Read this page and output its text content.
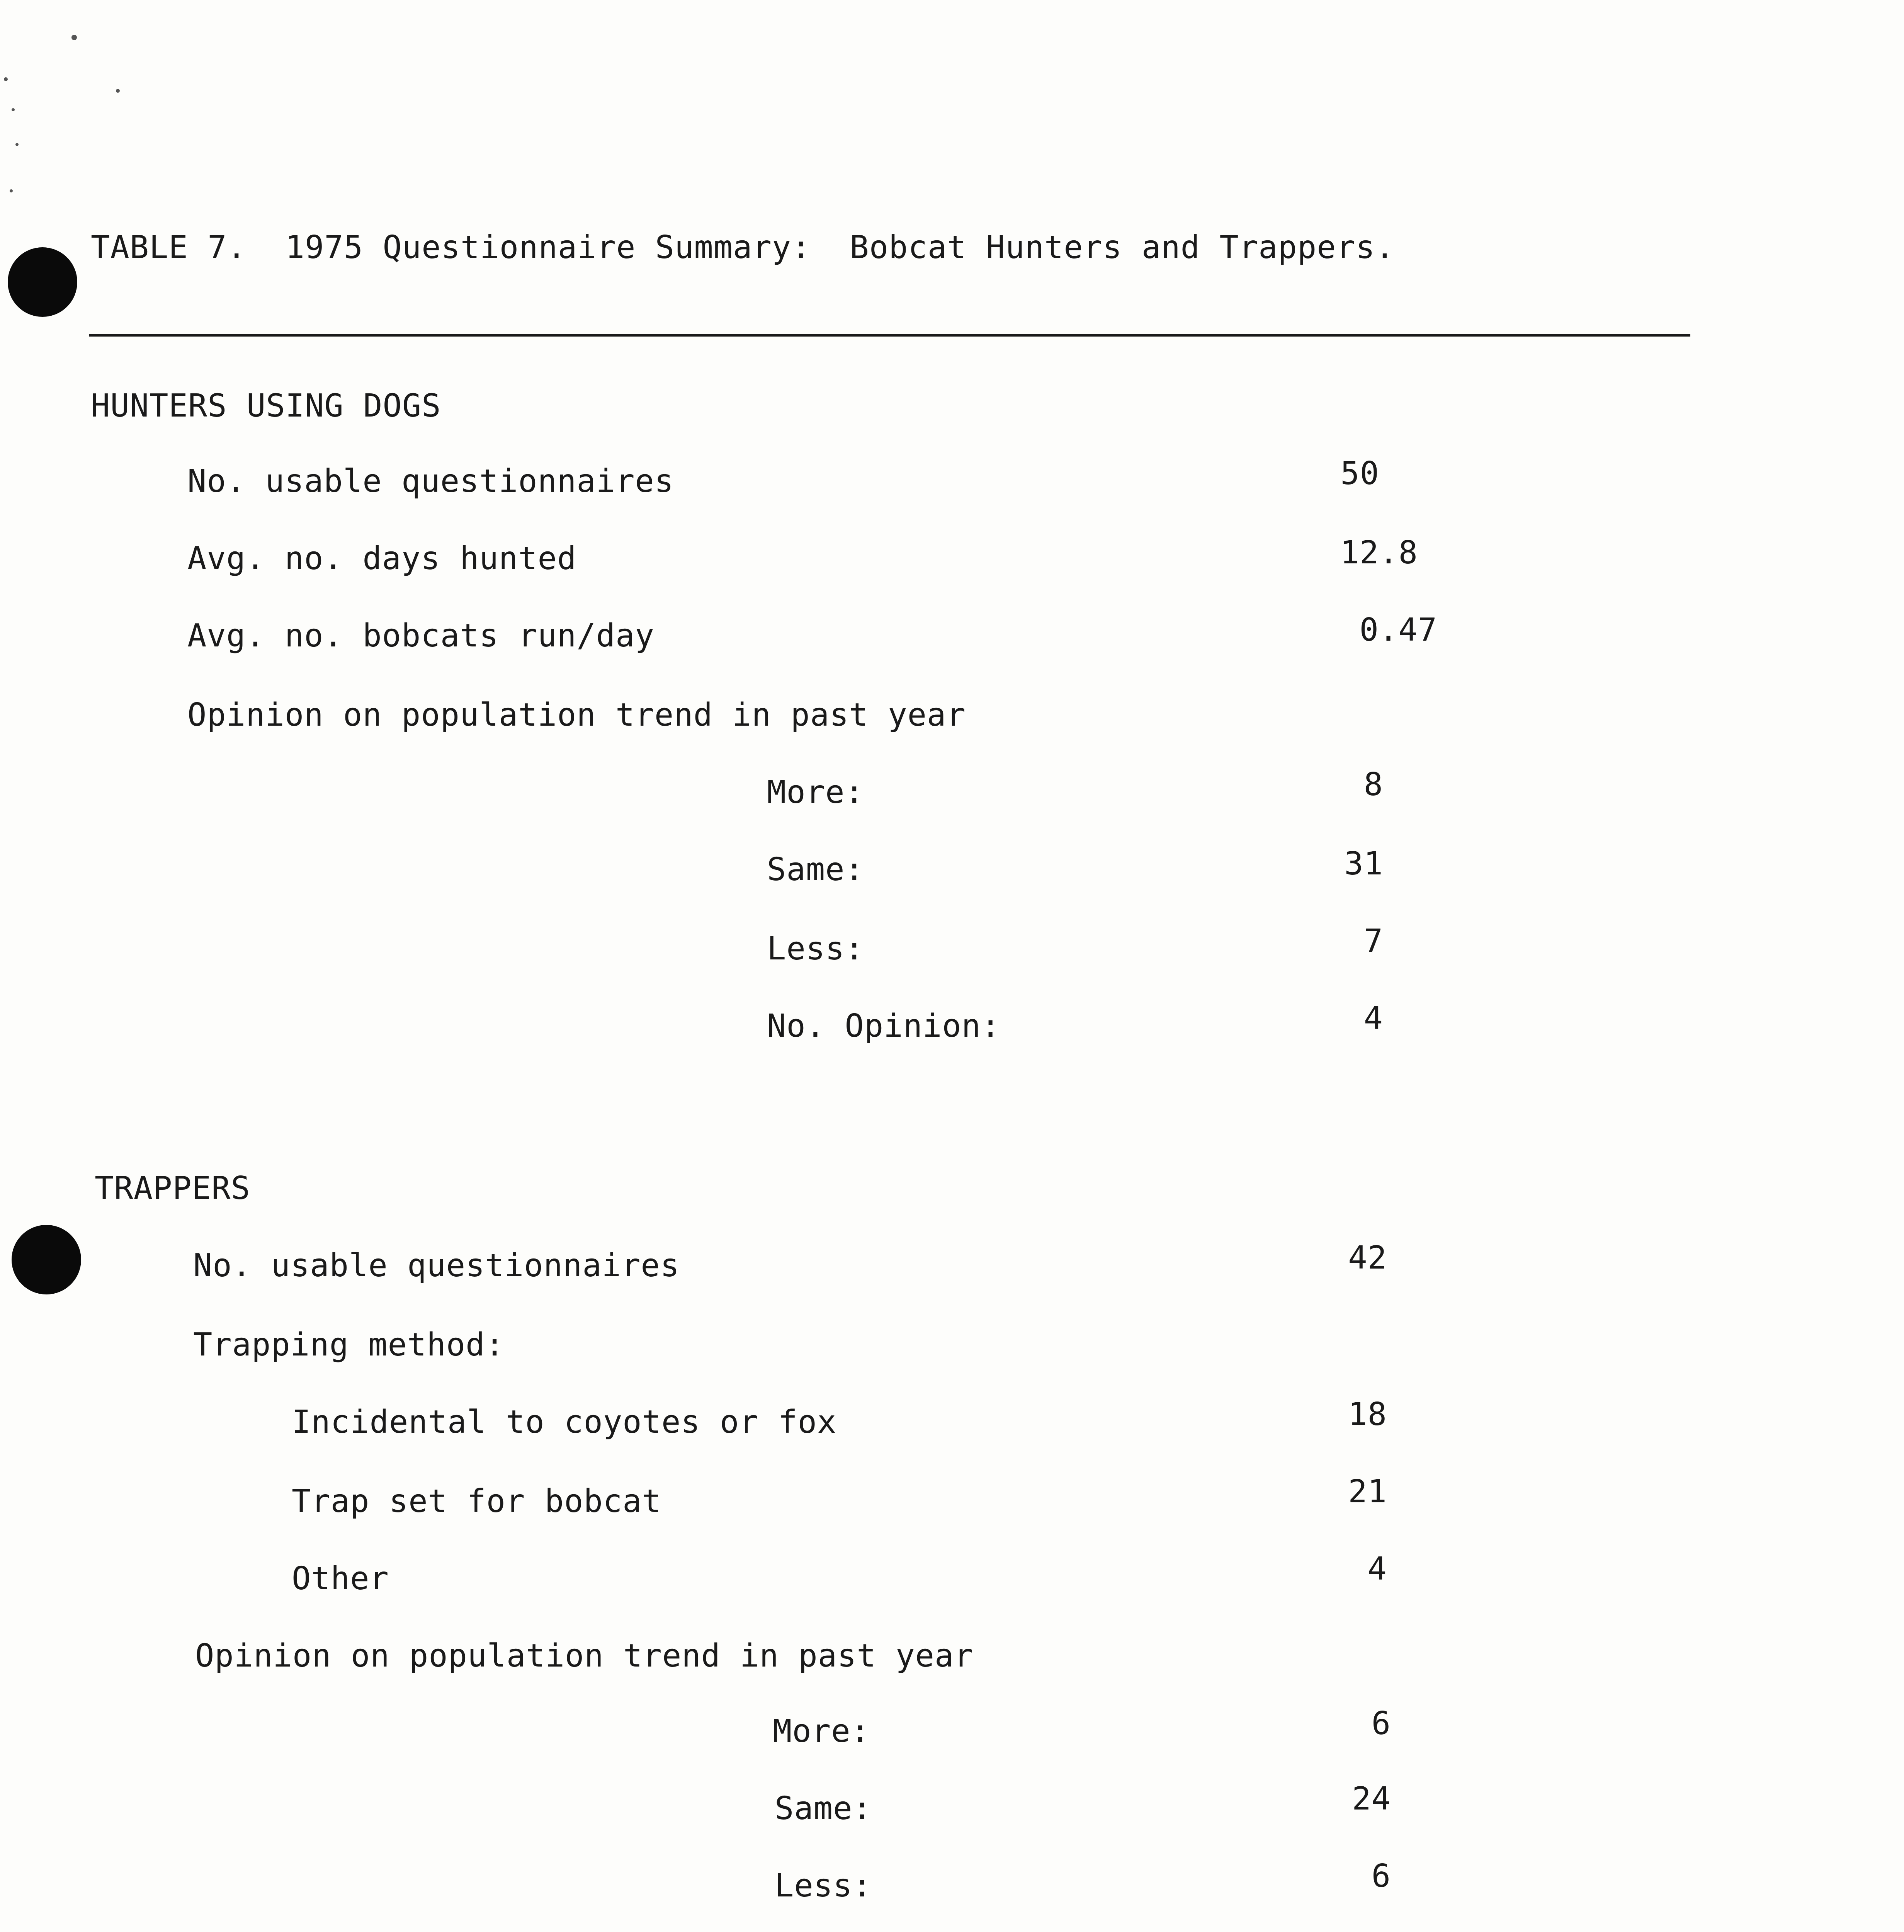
TABLE 7.  1975 Questionnaire Summary:  Bobcat Hunters and Trappers.
HUNTERS USING DOGS
No. usable questionnaires	50
Avg. no. days hunted	12.8
Avg. no. bobcats run/day	0.47
Opinion on population trend in past year
More:	8
Same:	31
Less:	7
No. Opinion:	4
TRAPPERS
No. usable questionnaires	42
Trapping method:
Incidental to coyotes or fox	18
Trap set for bobcat	21
Other	4
Opinion on population trend in past year
More:	6
Same:	24
Less:	6
